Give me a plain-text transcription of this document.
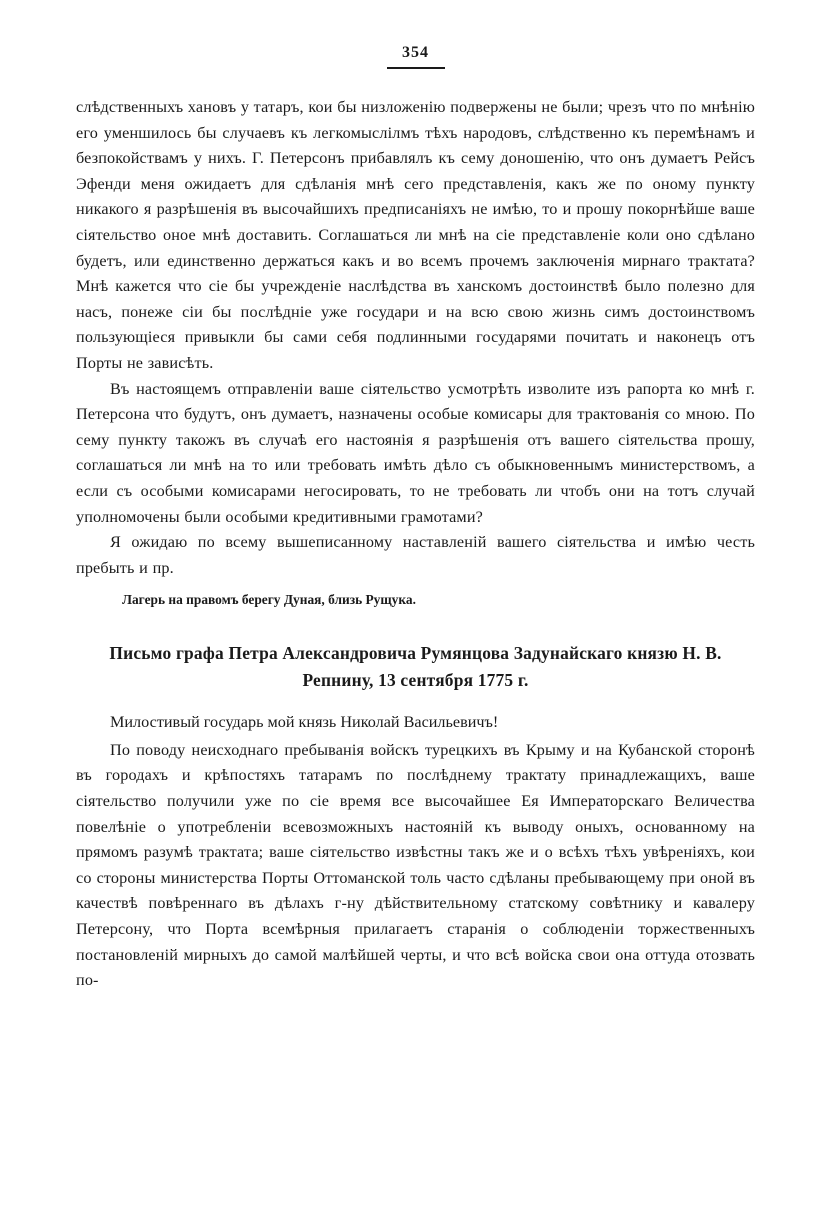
354

слѣдственныхъ хановъ у татаръ, кои бы низложенію подвержены не были; чрезъ что по мнѣнію его уменшилось бы случаевъ къ легкомыслілмъ тѣхъ народовъ, слѣдственно къ перемѣнамъ и безпокойствамъ у нихъ. Г. Петерсонъ прибавлялъ къ сему доношенію, что онъ думаетъ Рейсъ Эфенди меня ожидаетъ для сдѣланія мнѣ сего представленія, какъ же по оному пункту никакого я разрѣшенія въ высочайшихъ предписаніяхъ не имѣю, то и прошу покорнѣйше ваше сіятельство оное мнѣ доставить. Соглашаться ли мнѣ на сіе представленіе коли оно сдѣлано будетъ, или единственно держаться какъ и во всемъ прочемъ заключенія мирнаго трактата? Мнѣ кажется что сіе бы учрежденіе наслѣдства въ ханскомъ достоинствѣ было полезно для насъ, понеже сіи бы послѣдніе уже государи и на всю свою жизнь симъ достоинствомъ пользующіеся привыкли бы сами себя подлинными государями почитать и наконецъ отъ Порты не зависѣть.

Въ настоящемъ отправленіи ваше сіятельство усмотрѣть изволите изъ рапорта ко мнѣ г. Петерсона что будутъ, онъ думаетъ, назначены особые комисары для трактованія со мною. По сему пункту такожъ въ случаѣ его настоянія я разрѣшенія отъ вашего сіятельства прошу, соглашаться ли мнѣ на то или требовать имѣть дѣло съ обыкновеннымъ министерствомъ, а если съ особыми комисарами негосировать, то не требовать ли чтобъ они на тотъ случай уполномочены были особыми кредитивными грамотами?

Я ожидаю по всему вышеписанному наставленій вашего сіятельства и имѣю честь пребыть и пр.

Лагерь на правомъ берегу Дуная, близь Рущука.

Письмо графа Петра Александровича Румянцова Задунайскаго князю Н. В. Репнину, 13 сентября 1775 г.

Милостивый государь мой князь Николай Васильевичъ!

По поводу неисходнаго пребыванія войскъ турецкихъ въ Крыму и на Кубанской сторонѣ въ городахъ и крѣпостяхъ татарамъ по послѣднему трактату принадлежащихъ, ваше сіятельство получили уже по сіе время все высочайшее Ея Императорскаго Величества повелѣніе о употребленіи всевозможныхъ настояній къ выводу оныхъ, основанному на прямомъ разумѣ трактата; ваше сіятельство извѣстны такъ же и о всѣхъ тѣхъ увѣреніяхъ, кои со стороны министерства Порты Оттоманской толь часто сдѣланы пребывающему при оной въ качествѣ повѣреннаго въ дѣлахъ г-ну дѣйствительному статскому совѣтнику и кавалеру Петерсону, что Порта всемѣрныя прилагаетъ старанія о соблюденіи торжественныхъ постановленій мирныхъ до самой малѣйшей черты, и что всѣ войска свои она оттуда отозвать по-
